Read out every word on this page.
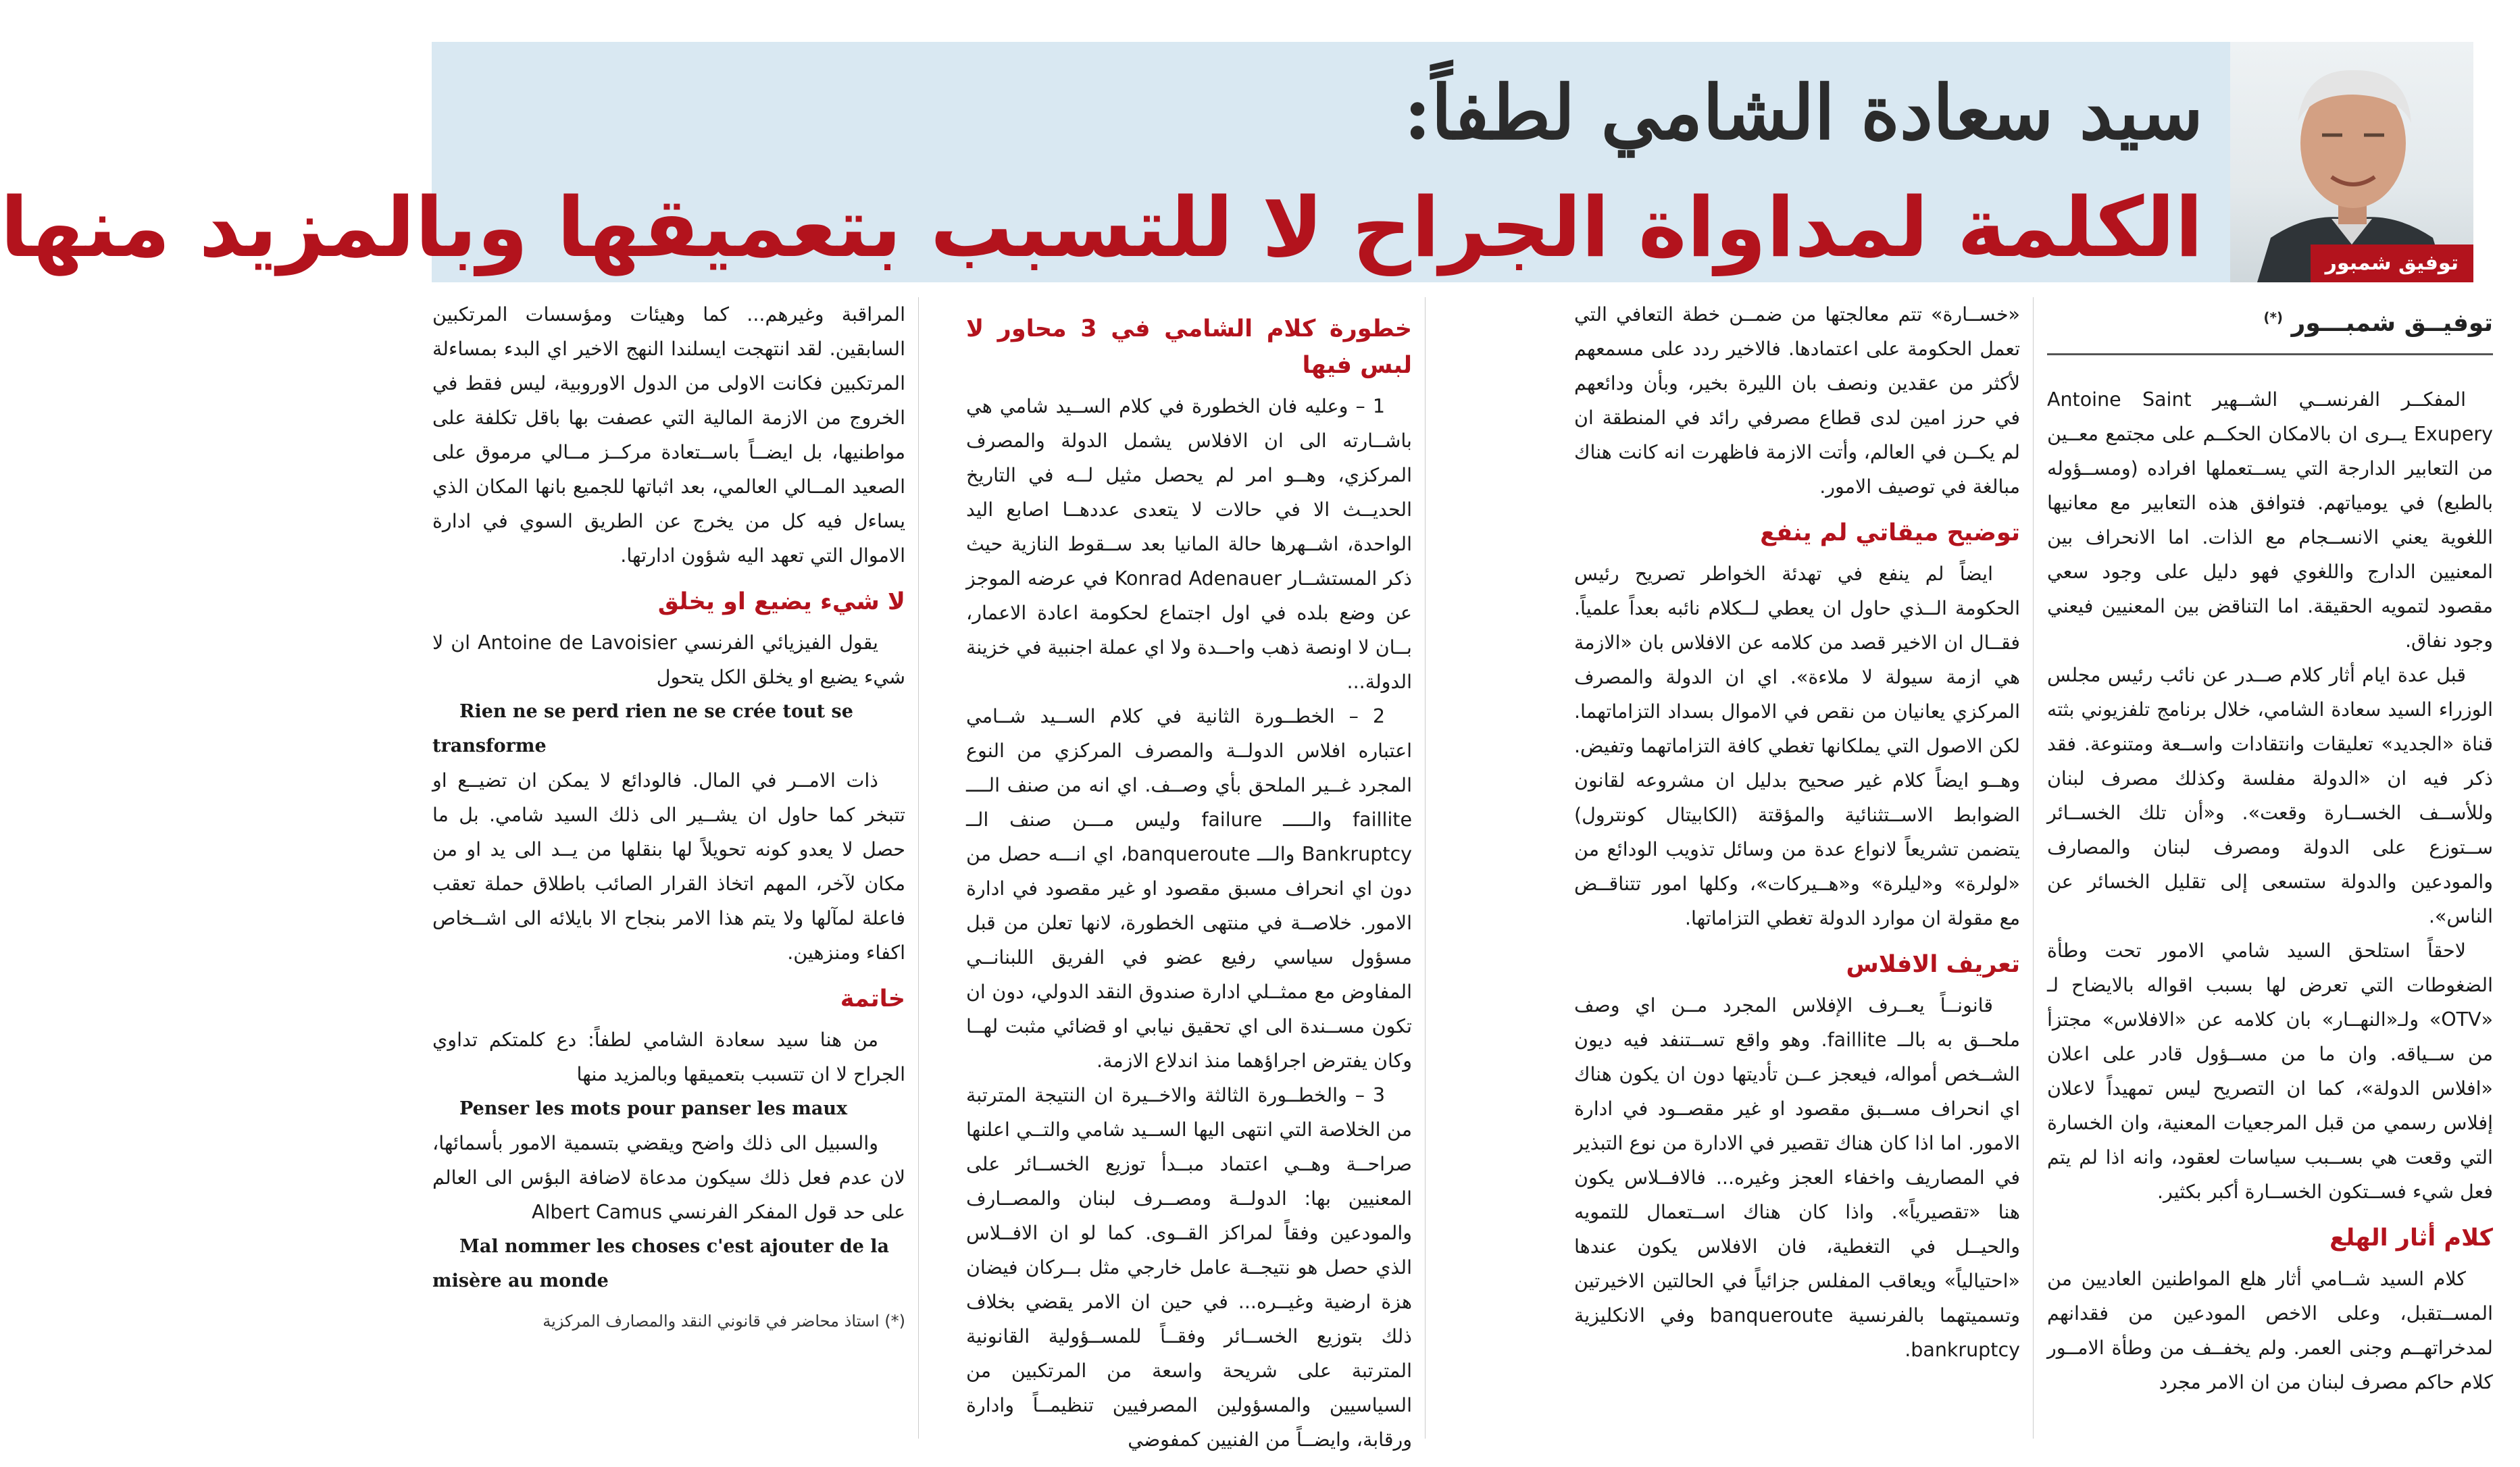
سيد سعادة الشامي لطفاً:
الكلمة لمداواة الجراح لا للتسبب بتعميقها وبالمزيد منها	توفيق شمبور
توفيــق شمبـــور (*)

المفكــر الفرنســي الشــهير Antoine Saint Exupery يــرى ان بالامكان الحكــم على مجتمع معــين من التعابير الدارجة التي يســتعملها افراده (ومســؤوله بالطبع) في يومياتهم. فتوافق هذه التعابير مع معانيها اللغوية يعني الانســجام مع الذات. اما الانحراف بين المعنيين الدارج واللغوي فهو دليل على وجود سعي مقصود لتمويه الحقيقة. اما التناقض بين المعنيين فيعني وجود نفاق.

قبل عدة ايام أثار كلام صــدر عن نائب رئيس مجلس الوزراء السيد سعادة الشامي، خلال برنامج تلفزيوني بثته قناة «الجديد» تعليقات وانتقادات واســعة ومتنوعة. فقد ذكر فيه ان «الدولة مفلسة وكذلك مصرف لبنان وللأســف الخســارة وقعت». و«أن تلك الخســائر ســتوزع على الدولة ومصرف لبنان والمصارف والمودعين والدولة ستسعى إلى تقليل الخسائر عن الناس».

لاحقاً استلحق السيد شامي الامور تحت وطأة الضغوطات التي تعرض لها بسبب اقواله بالايضاح لـ «OTV» ولـ«النهــار» بان كلامه عن «الافلاس» مجتزأ من ســياقه. وان ما من مســؤول قادر على اعلان «افلاس الدولة»، كما ان التصريح ليس تمهيداً لاعلان إفلاس رسمي من قبل المرجعيات المعنية، وان الخسارة التي وقعت هي بســبب سياسات لعقود، وانه اذا لم يتم فعل شيء فســتكون الخســارة أكبر بكثير.

كلام أثار الهلع

كلام السيد شــامي أثار هلع المواطنين العاديين من المســتقبل، وعلى الاخص المودعين من فقدانهم لمدخراتهــم وجنى العمر. ولم يخفــف من وطأة الامــور كلام حاكم مصرف لبنان من ان الامر مجرد

«خســارة» تتم معالجتها من ضمــن خطة التعافي التي تعمل الحكومة على اعتمادها. فالاخير ردد على مسمعهم لأكثر من عقدين ونصف بان الليرة بخير، وبأن ودائعهم في حرز امين لدى قطاع مصرفي رائد في المنطقة ان لم يكــن في العالم، وأتت الازمة فاظهرت انه كانت هناك مبالغة في توصيف الامور.

توضيح ميقاتي لم ينفع

ايضاً لم ينفع في تهدئة الخواطر تصريح رئيس الحكومة الــذي حاول ان يعطي لــكلام نائبه بعداً علمياً. فقــال ان الاخير قصد من كلامه عن الافلاس بان «الازمة هي ازمة سيولة لا ملاءة». اي ان الدولة والمصرف المركزي يعانيان من نقص في الاموال بسداد التزاماتهما. لكن الاصول التي يملكانها تغطي كافة التزاماتهما وتفيض. وهــو ايضاً كلام غير صحيح بدليل ان مشروعه لقانون الضوابط الاســتثنائية والمؤقتة (الكابيتال كونترول) يتضمن تشريعاً لانواع عدة من وسائل تذويب الودائع من «لولرة» و«ليلرة» و«هــيركات»، وكلها امور تتناقــض مع مقولة ان موارد الدولة تغطي التزاماتها.

تعريف الافلاس

قانونــاً يعــرف الإفلاس المجرد مــن اي وصف ملحــق به بالــ faillite. وهو واقع تســتنفد فيه ديون الشــخص أمواله، فيعجز عــن تأديتها دون ان يكون هناك اي انحراف مســبق مقصود او غير مقصــود في ادارة الامور. اما اذا كان هناك تقصير في الادارة من نوع التبذير في المصاريف واخفاء العجز وغيره... فالافــلاس يكون هنا «تقصيرياً». واذا كان هناك اســتعمال للتمويه والحيــل في التغطية، فان الافلاس يكون عندها «احتيالياً» ويعاقب المفلس جزائياً في الحالتين الاخيرتين وتسميتهما بالفرنسية banqueroute وفي الانكليزية bankruptcy.

خطورة كلام الشامي في 3 محاور لا لبس فيها

1 – وعليه فان الخطورة في كلام الســيد شامي هي باشــارته الى ان الافلاس يشمل الدولة والمصرف المركزي، وهــو امر لم يحصل مثيل لــه في التاريخ الحديــث الا في حالات لا يتعدى عددهــا اصابع اليد الواحدة، اشــهرها حالة المانيا بعد ســقوط النازية حيث ذكر المستشــار Konrad Adenauer في عرضه الموجز عن وضع بلده في اول اجتماع لحكومة اعادة الاعمار، بــان لا اونصة ذهب واحــدة ولا اي عملة اجنبية في خزينة الدولة...

2 – الخطــورة الثانية في كلام الســيد شــامي اعتباره افلاس الدولــة والمصرف المركزي من النوع المجرد غــير الملحق بأي وصــف. اي انه من صنف الــــ faillite والـــــ failure وليس مـــن صنف الــ Bankruptcy والـــ banqueroute، اي انـــه حصل من دون اي انحراف مسبق مقصود او غير مقصود في ادارة الامور. خلاصــة في منتهى الخطورة، لانها تعلن من قبل مسؤول سياسي رفيع عضو في الفريق اللبنانــي المفاوض مع ممثــلي ادارة صندوق النقد الدولي، دون ان تكون مســندة الى اي تحقيق نيابي او قضائي مثبت لهــا وكان يفترض اجراؤهما منذ اندلاع الازمة.

3 – والخطــورة الثالثة والاخــيرة ان النتيجة المترتبة من الخلاصة التي انتهى اليها الســيد شامي والتــي اعلنها صراحــة وهــي اعتماد مبــدأ توزيع الخســائر على المعنيين بها: الدولــة ومصــرف لبنان والمصــارف والمودعين وفقاً لمراكز القــوى. كما لو ان الافــلاس الذي حصل هو نتيجــة عامل خارجي مثل بــركان فيضان هزة ارضية وغيــره... في حين ان الامر يقضي بخلاف ذلك بتوزيع الخســائر وفقــاً للمســؤولية القانونية المترتبة على شريحة واسعة من المرتكبين من السياسيين والمسؤولين المصرفيين تنظيمــاً وادارة ورقابة، وايضــاً من الفنيين كمفوضي

المراقبة وغيرهم... كما وهيئات ومؤسسات المرتكبين السابقين. لقد انتهجت ايسلندا النهج الاخير اي البدء بمساءلة المرتكبين فكانت الاولى من الدول الاوروبية، ليس فقط في الخروج من الازمة المالية التي عصفت بها باقل تكلفة على مواطنيها، بل ايضــاً باســتعادة مركــز مــالي مرموق على الصعيد المــالي العالمي، بعد اثباتها للجميع بانها المكان الذي يساءل فيه كل من يخرج عن الطريق السوي في ادارة الاموال التي تعهد اليه شؤون ادارتها.

لا شيء يضيع او يخلق

يقول الفيزيائي الفرنسي Antoine de Lavoisier ان لا شيء يضيع او يخلق الكل يتحول

Rien ne se perd rien ne se crée tout se transforme

ذات الامــر في المال. فالودائع لا يمكن ان تضيــع او تتبخر كما حاول ان يشــير الى ذلك السيد شامي. بل ما حصل لا يعدو كونه تحويلاً لها بنقلها من يــد الى يد او من مكان لآخر، المهم اتخاذ القرار الصائب باطلاق حملة تعقب فاعلة لمآلها ولا يتم هذا الامر بنجاح الا بايلائه الى اشــخاص اكفاء ومنزهين.

خاتمة

من هنا سيد سعادة الشامي لطفاً: دع كلمتكم تداوي الجراح لا ان تتسبب بتعميقها وبالمزيد منها

Penser les mots pour panser les maux

والسبيل الى ذلك واضح ويقضي بتسمية الامور بأسمائها، لان عدم فعل ذلك سيكون مدعاة لاضافة البؤس الى العالم على حد قول المفكر الفرنسي Albert Camus

Mal nommer les choses c'est ajouter de la misère au monde

(*) استاذ محاضر في قانوني النقد والمصارف المركزية
